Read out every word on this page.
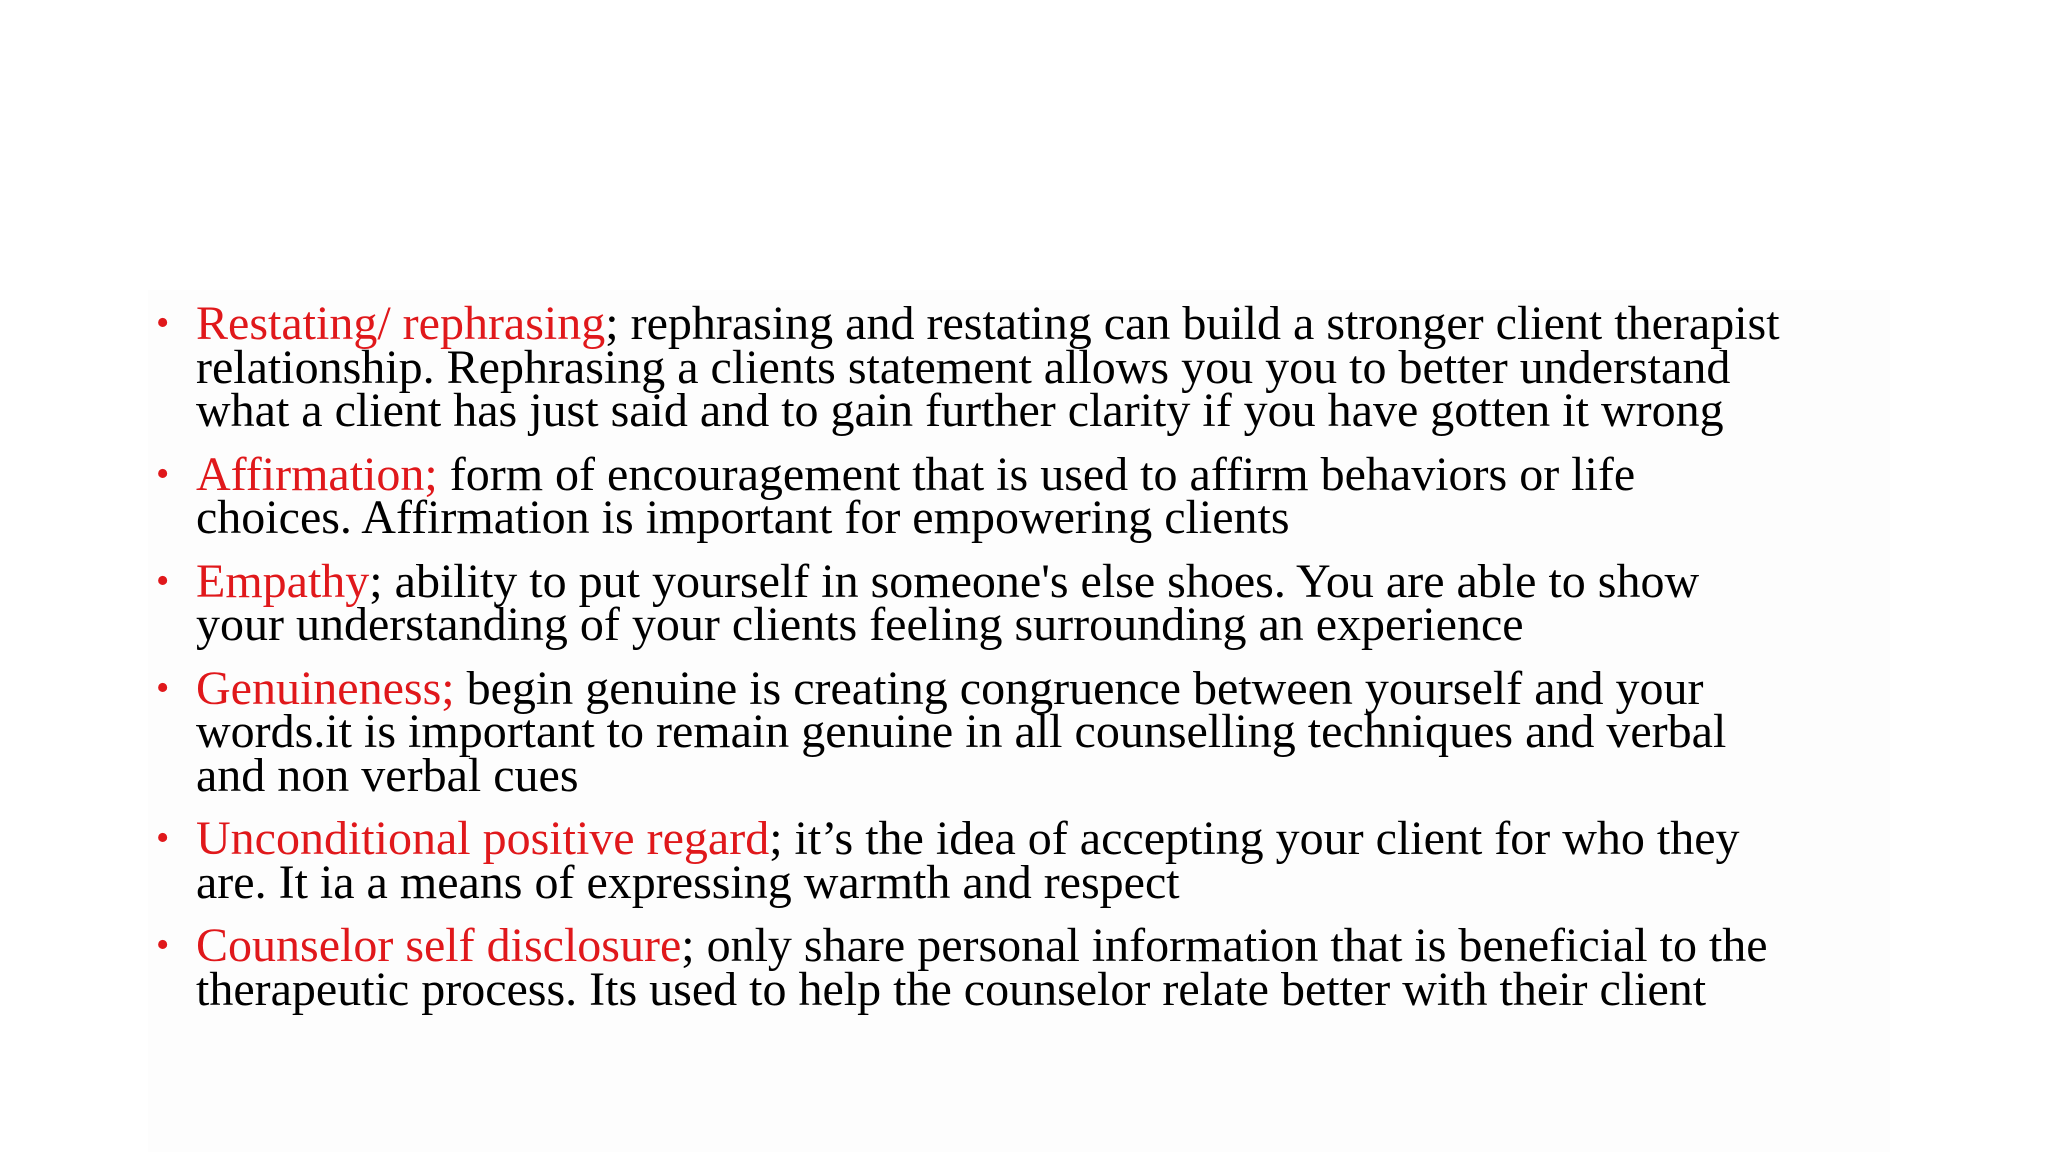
• Restating/ rephrasing; rephrasing and restating can build a stronger client therapist
relationship. Rephrasing a clients statement allows you you to better understand
what a client has just said and to gain further clarity if you have gotten it wrong
• Affirmation; form of encouragement that is used to affirm behaviors or life
choices. Affirmation is important for empowering clients
• Empathy; ability to put yourself in someone's else shoes. You are able to show
your understanding of your clients feeling surrounding an experience
• Genuineness; begin genuine is creating congruence between yourself and your
words.it is important to remain genuine in all counselling techniques and verbal
and non verbal cues
• Unconditional positive regard; it’s the idea of accepting your client for who they
are. It ia a means of expressing warmth and respect
• Counselor self disclosure; only share personal information that is beneficial to the
therapeutic process. Its used to help the counselor relate better with their client
